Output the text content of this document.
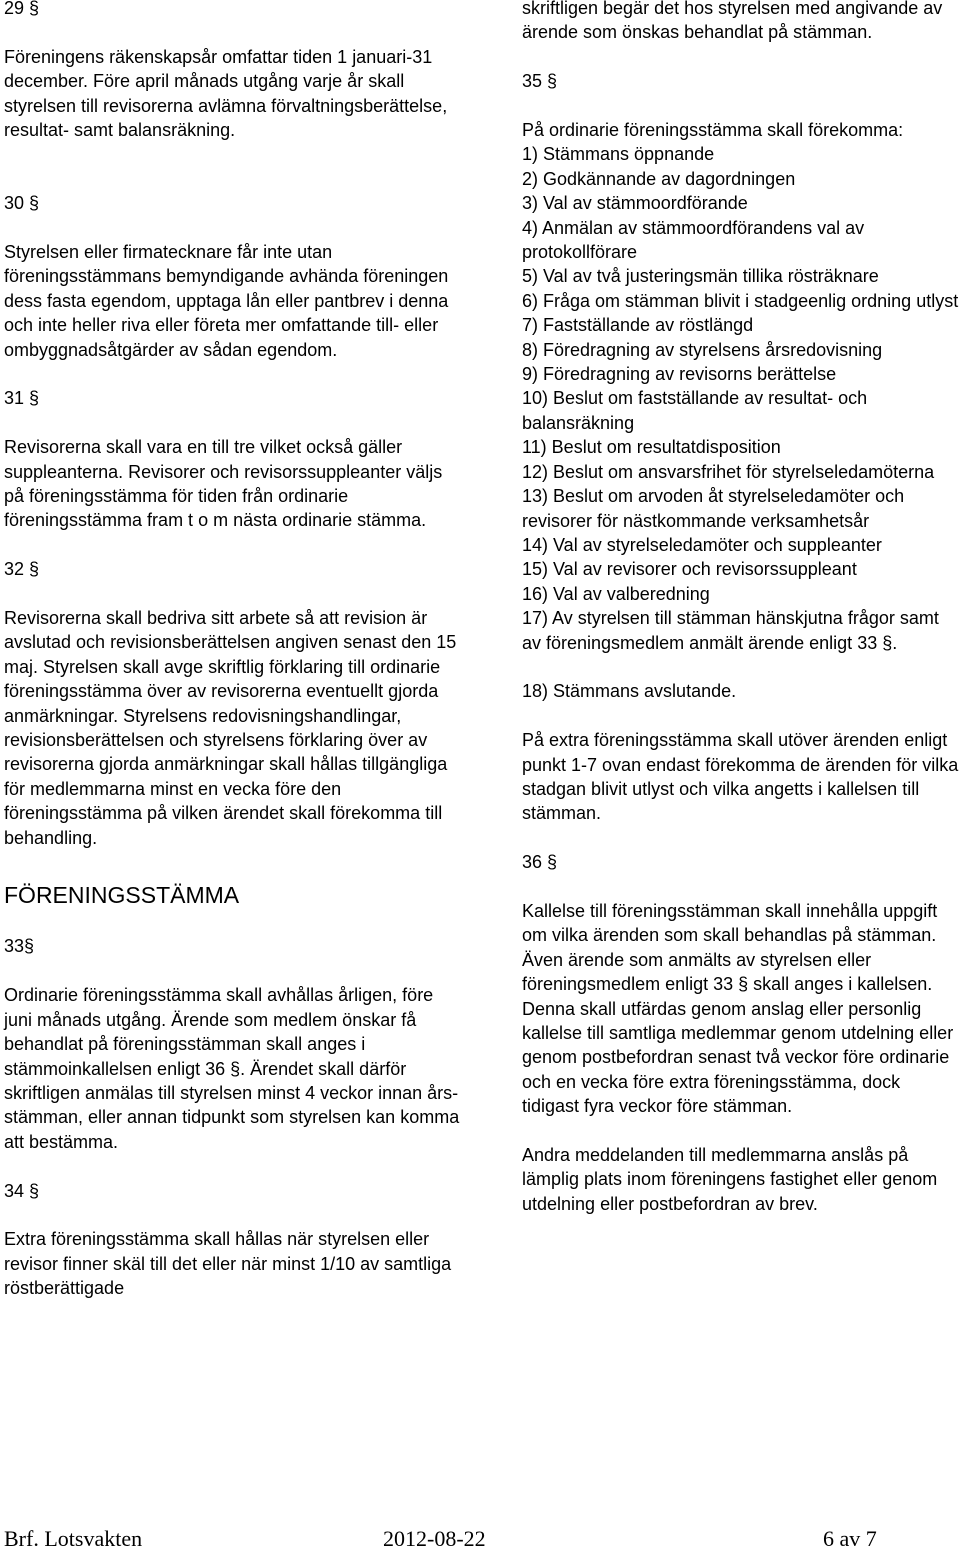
29 §

Föreningens räkenskapsår omfattar tiden 1 januari-31 december. Före april månads utgång varje år skall styrelsen till revisorerna avlämna förvaltningsberättelse, resultat- samt balansräkning.

30 §

Styrelsen eller firmatecknare får inte utan föreningsstämmans bemyndigande avhända föreningen dess fasta egendom, upptaga lån eller pantbrev i denna och inte heller riva eller företa mer omfattande till- eller ombyggnadsåtgärder av sådan egendom.

31 §

Revisorerna skall vara en till tre vilket också gäller suppleanterna. Revisorer och revisorssuppleanter väljs på föreningsstämma för tiden från ordinarie föreningsstämma fram t o m nästa ordinarie stämma.

32 §

Revisorerna skall bedriva sitt arbete så att revision är avslutad och revisionsberättelsen angiven senast den 15 maj. Styrelsen skall avge skriftlig förklaring till ordinarie föreningsstämma över av revisorerna eventuellt gjorda anmärkningar. Styrelsens redovisningshandlingar, revisionsberättelsen och styrelsens förklaring över av revisorerna gjorda anmärkningar skall hållas tillgängliga för medlemmarna minst en vecka före den föreningsstämma på vilken ärendet skall förekomma till behandling.

FÖRENINGSSTÄMMA

33§

Ordinarie föreningsstämma skall avhållas årligen, före juni månads utgång. Ärende som medlem önskar få behandlat på föreningsstämman skall anges i stämmoinkallelsen enligt 36 §. Ärendet skall därför skriftligen anmälas till styrelsen minst 4 veckor innan års-stämman, eller annan tidpunkt som styrelsen kan komma att bestämma.

34 §

Extra föreningsstämma skall hållas när styrelsen eller revisor finner skäl till det eller när minst 1/10 av samtliga röstberättigade

skriftligen begär det hos styrelsen med angivande av ärende som önskas behandlat på stämman.

35 §

På ordinarie föreningsstämma skall förekomma:

1) Stämmans öppnande

2) Godkännande av dagordningen

3) Val av stämmoordförande

4) Anmälan av stämmoordförandens val av protokollförare

5) Val av två justeringsmän tillika rösträknare

6) Fråga om stämman blivit i stadgeenlig ordning utlyst

7) Fastställande av röstlängd

8) Föredragning av styrelsens årsredovisning

9) Föredragning av revisorns berättelse

10) Beslut om fastställande av resultat- och balansräkning

11) Beslut om resultatdisposition

12) Beslut om ansvarsfrihet för styrelseledamöterna

13) Beslut om arvoden åt styrelseledamöter och revisorer för nästkommande verksamhetsår

14) Val av styrelseledamöter och suppleanter

15) Val av revisorer och revisorssuppleant

16) Val av valberedning

17) Av styrelsen till stämman hänskjutna frågor samt av föreningsmedlem anmält ärende enligt 33 §.

18) Stämmans avslutande.

På extra föreningsstämma skall utöver ärenden enligt punkt 1-7 ovan endast förekomma de ärenden för vilka stadgan blivit utlyst och vilka angetts i kallelsen till stämman.

36 §

Kallelse till föreningsstämman skall innehålla uppgift om vilka ärenden som skall behandlas på stämman. Även ärende som anmälts av styrelsen eller föreningsmedlem enligt 33 § skall anges i kallelsen. Denna skall utfärdas genom anslag eller personlig kallelse till samtliga medlemmar genom utdelning eller genom postbefordran senast två veckor före ordinarie och en vecka före extra föreningsstämma, dock tidigast fyra veckor före stämman.

Andra meddelanden till medlemmarna anslås på lämplig plats inom föreningens fastighet eller genom utdelning eller postbefordran av brev.

Brf. Lotsvakten	2012-08-22	6 av 7
